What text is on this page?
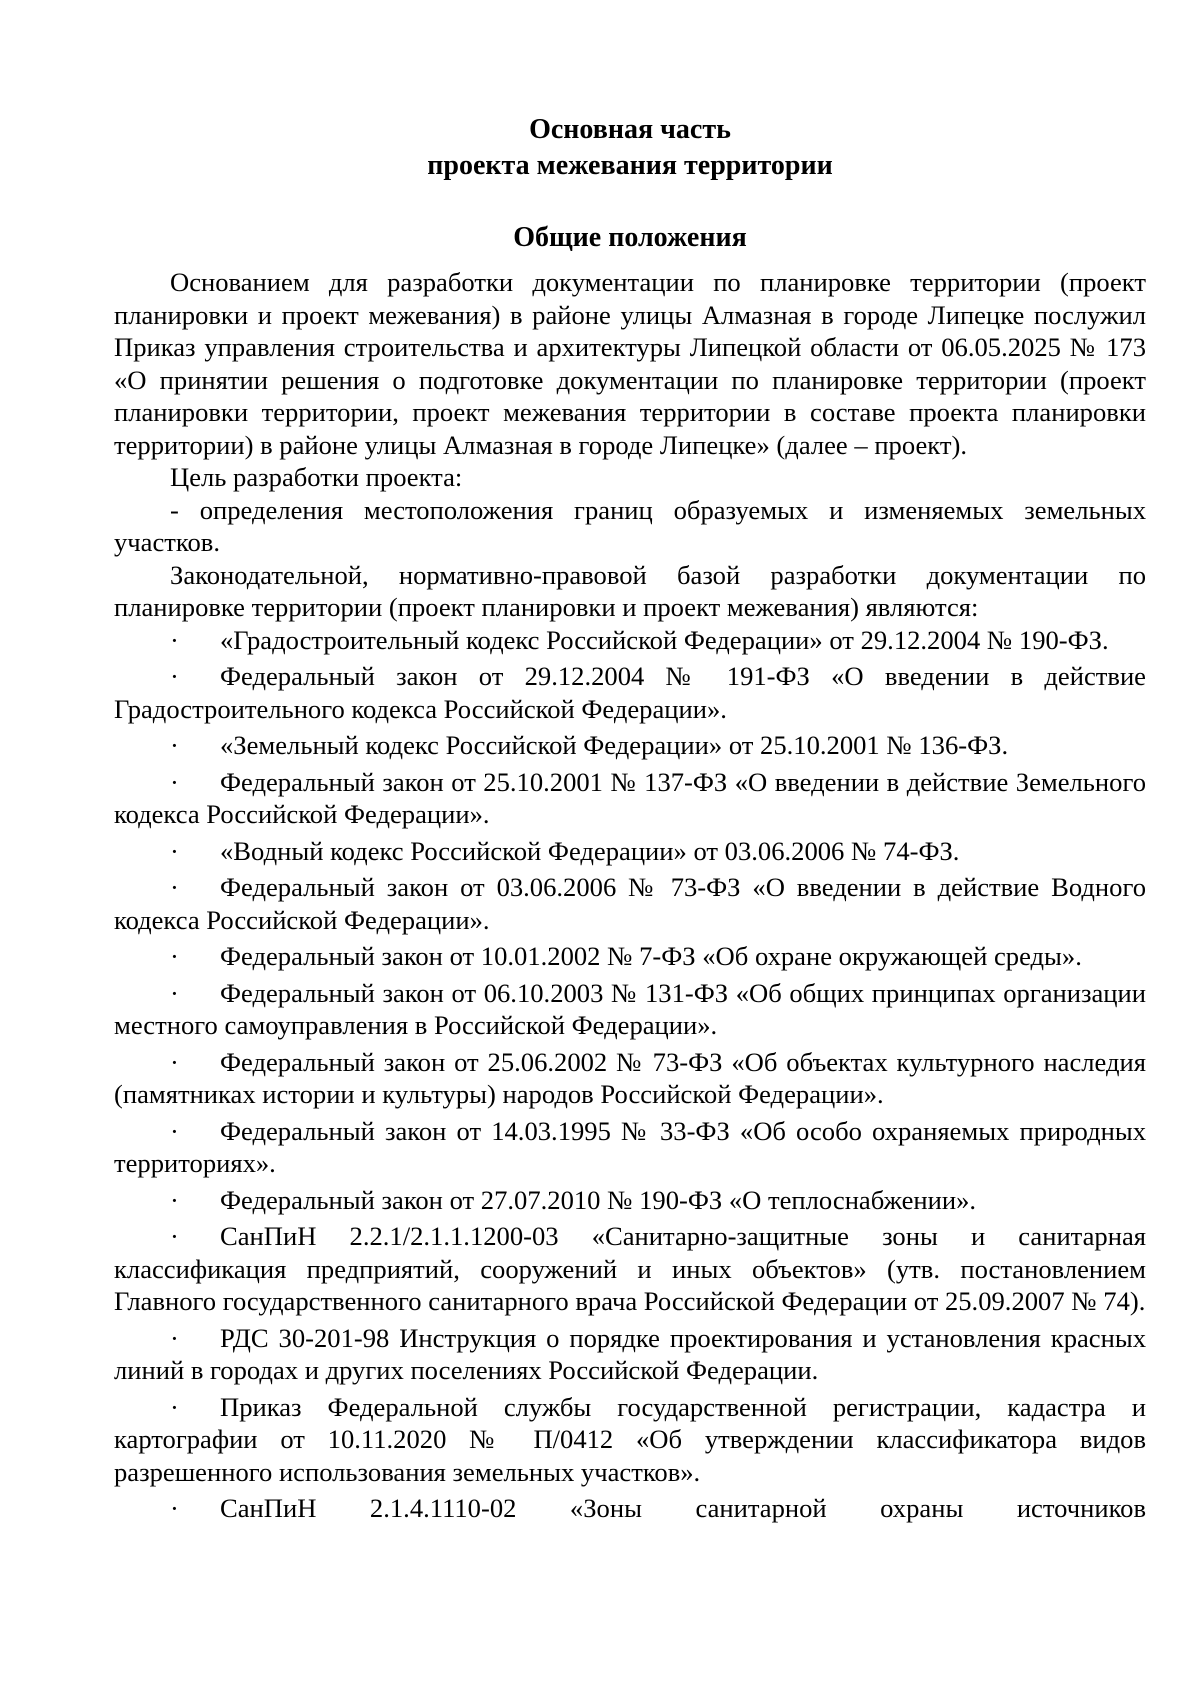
Основная часть

проекта межевания территории

Общие положения

Основанием для разработки документации по планировке территории (проект планировки и проект межевания) в районе улицы Алмазная в городе Липецке послужил Приказ управления строительства и архитектуры Липецкой области от 06.05.2025 № 173 «О принятии решения о подготовке документации по планировке территории (проект планировки территории, проект межевания территории в составе проекта планировки территории) в районе улицы Алмазная в городе Липецке» (далее – проект).

Цель разработки проекта:

- определения местоположения границ образуемых и изменяемых земельных участков.

Законодательной, нормативно-правовой базой разработки документации по планировке территории (проект планировки и проект межевания) являются:

· «Градостроительный кодекс Российской Федерации» от 29.12.2004 № 190-ФЗ.

· Федеральный закон от 29.12.2004 № 191-ФЗ «О введении в действие Градостроительного кодекса Российской Федерации».

· «Земельный кодекс Российской Федерации» от 25.10.2001 № 136-ФЗ.

· Федеральный закон от 25.10.2001 № 137-ФЗ «О введении в действие Земельного кодекса Российской Федерации».

· «Водный кодекс Российской Федерации» от 03.06.2006 № 74-ФЗ.

· Федеральный закон от 03.06.2006 № 73-ФЗ «О введении в действие Водного кодекса Российской Федерации».

· Федеральный закон от 10.01.2002 № 7-ФЗ «Об охране окружающей среды».

· Федеральный закон от 06.10.2003 № 131-ФЗ «Об общих принципах организации местного самоуправления в Российской Федерации».

· Федеральный закон от 25.06.2002 № 73-ФЗ «Об объектах культурного наследия (памятниках истории и культуры) народов Российской Федерации».

· Федеральный закон от 14.03.1995 № 33-ФЗ «Об особо охраняемых природных территориях».

· Федеральный закон от 27.07.2010 № 190-ФЗ «О теплоснабжении».

· СанПиН 2.2.1/2.1.1.1200-03 «Санитарно-защитные зоны и санитарная классификация предприятий, сооружений и иных объектов» (утв. постановлением Главного государственного санитарного врача Российской Федерации от 25.09.2007 № 74).

· РДС 30-201-98 Инструкция о порядке проектирования и установления красных линий в городах и других поселениях Российской Федерации.

· Приказ Федеральной службы государственной регистрации, кадастра и картографии от 10.11.2020 № П/0412 «Об утверждении классификатора видов разрешенного использования земельных участков».

· СанПиН 2.1.4.1110-02 «Зоны санитарной охраны источников
